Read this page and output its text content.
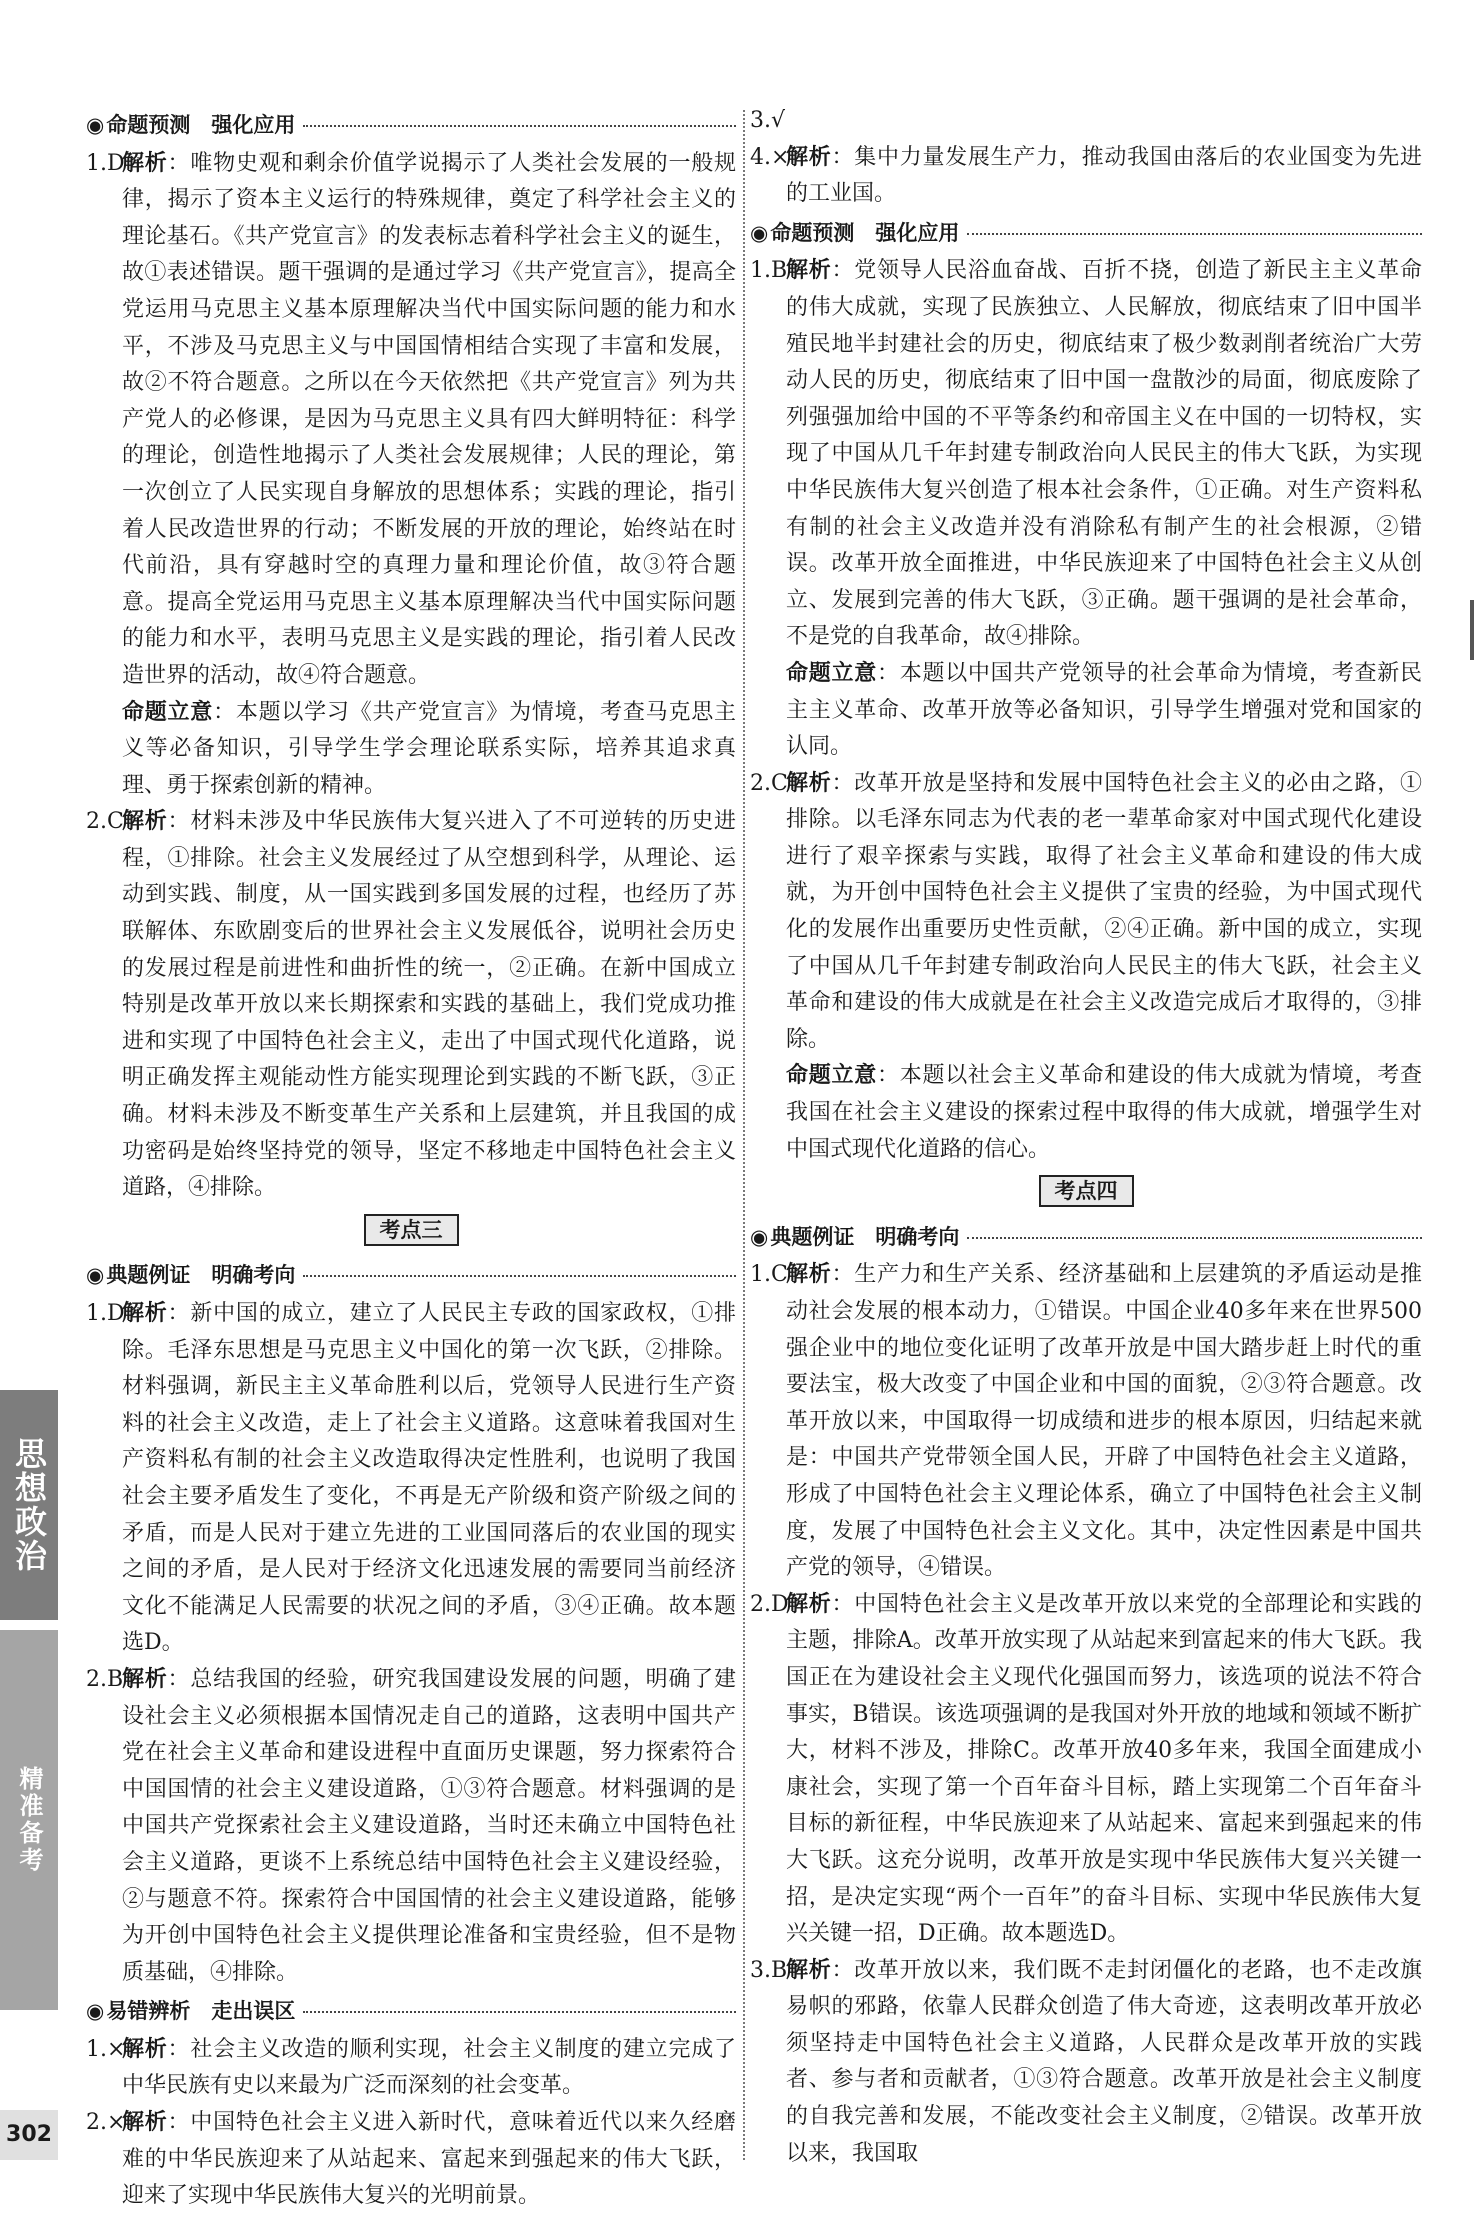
◉ 命题预测　强化应用
1.D
解析：唯物史观和剩余价值学说揭示了人类社会发展的一般规律，揭示了资本主义运行的特殊规律，奠定了科学社会主义的理论基石。《共产党宣言》的发表标志着科学社会主义的诞生，故①表述错误。题干强调的是通过学习《共产党宣言》，提高全党运用马克思主义基本原理解决当代中国实际问题的能力和水平，不涉及马克思主义与中国国情相结合实现了丰富和发展，故②不符合题意。之所以在今天依然把《共产党宣言》列为共产党人的必修课，是因为马克思主义具有四大鲜明特征：科学的理论，创造性地揭示了人类社会发展规律；人民的理论，第一次创立了人民实现自身解放的思想体系；实践的理论，指引着人民改造世界的行动；不断发展的开放的理论，始终站在时代前沿，具有穿越时空的真理力量和理论价值，故③符合题意。提高全党运用马克思主义基本原理解决当代中国实际问题的能力和水平，表明马克思主义是实践的理论，指引着人民改造世界的活动，故④符合题意。
命题立意：本题以学习《共产党宣言》为情境，考查马克思主义等必备知识，引导学生学会理论联系实际，培养其追求真理、勇于探索创新的精神。
2.C
解析：材料未涉及中华民族伟大复兴进入了不可逆转的历史进程，①排除。社会主义发展经过了从空想到科学，从理论、运动到实践、制度，从一国实践到多国发展的过程，也经历了苏联解体、东欧剧变后的世界社会主义发展低谷，说明社会历史的发展过程是前进性和曲折性的统一，②正确。在新中国成立特别是改革开放以来长期探索和实践的基础上，我们党成功推进和实现了中国特色社会主义，走出了中国式现代化道路，说明正确发挥主观能动性方能实现理论到实践的不断飞跃，③正确。材料未涉及不断变革生产关系和上层建筑，并且我国的成功密码是始终坚持党的领导，坚定不移地走中国特色社会主义道路，④排除。
考点三
◉ 典题例证　明确考向
1.D
解析：新中国的成立，建立了人民民主专政的国家政权，①排除。毛泽东思想是马克思主义中国化的第一次飞跃，②排除。材料强调，新民主主义革命胜利以后，党领导人民进行生产资料的社会主义改造，走上了社会主义道路。这意味着我国对生产资料私有制的社会主义改造取得决定性胜利，也说明了我国社会主要矛盾发生了变化，不再是无产阶级和资产阶级之间的矛盾，而是人民对于建立先进的工业国同落后的农业国的现实之间的矛盾，是人民对于经济文化迅速发展的需要同当前经济文化不能满足人民需要的状况之间的矛盾，③④正确。故本题选D。
2.B
解析：总结我国的经验，研究我国建设发展的问题，明确了建设社会主义必须根据本国情况走自己的道路，这表明中国共产党在社会主义革命和建设进程中直面历史课题，努力探索符合中国国情的社会主义建设道路，①③符合题意。材料强调的是中国共产党探索社会主义建设道路，当时还未确立中国特色社会主义道路，更谈不上系统总结中国特色社会主义建设经验，②与题意不符。探索符合中国国情的社会主义建设道路，能够为开创中国特色社会主义提供理论准备和宝贵经验，但不是物质基础，④排除。
◉ 易错辨析　走出误区
1.×
解析：社会主义改造的顺利实现，社会主义制度的建立完成了中华民族有史以来最为广泛而深刻的社会变革。
2.×
解析：中国特色社会主义进入新时代，意味着近代以来久经磨难的中华民族迎来了从站起来、富起来到强起来的伟大飞跃，迎来了实现中华民族伟大复兴的光明前景。
3.√

4.×
解析：集中力量发展生产力，推动我国由落后的农业国变为先进的工业国。
◉ 命题预测　强化应用
1.B
解析：党领导人民浴血奋战、百折不挠，创造了新民主主义革命的伟大成就，实现了民族独立、人民解放，彻底结束了旧中国半殖民地半封建社会的历史，彻底结束了极少数剥削者统治广大劳动人民的历史，彻底结束了旧中国一盘散沙的局面，彻底废除了列强强加给中国的不平等条约和帝国主义在中国的一切特权，实现了中国从几千年封建专制政治向人民民主的伟大飞跃，为实现中华民族伟大复兴创造了根本社会条件，①正确。对生产资料私有制的社会主义改造并没有消除私有制产生的社会根源，②错误。改革开放全面推进，中华民族迎来了中国特色社会主义从创立、发展到完善的伟大飞跃，③正确。题干强调的是社会革命，不是党的自我革命，故④排除。
命题立意：本题以中国共产党领导的社会革命为情境，考查新民主主义革命、改革开放等必备知识，引导学生增强对党和国家的认同。
2.C
解析：改革开放是坚持和发展中国特色社会主义的必由之路，①排除。以毛泽东同志为代表的老一辈革命家对中国式现代化建设进行了艰辛探索与实践，取得了社会主义革命和建设的伟大成就，为开创中国特色社会主义提供了宝贵的经验，为中国式现代化的发展作出重要历史性贡献，②④正确。新中国的成立，实现了中国从几千年封建专制政治向人民民主的伟大飞跃，社会主义革命和建设的伟大成就是在社会主义改造完成后才取得的，③排除。
命题立意：本题以社会主义革命和建设的伟大成就为情境，考查我国在社会主义建设的探索过程中取得的伟大成就，增强学生对中国式现代化道路的信心。
考点四
◉ 典题例证　明确考向
1.C
解析：生产力和生产关系、经济基础和上层建筑的矛盾运动是推动社会发展的根本动力，①错误。中国企业40多年来在世界500强企业中的地位变化证明了改革开放是中国大踏步赶上时代的重要法宝，极大改变了中国企业和中国的面貌，②③符合题意。改革开放以来，中国取得一切成绩和进步的根本原因，归结起来就是：中国共产党带领全国人民，开辟了中国特色社会主义道路，形成了中国特色社会主义理论体系，确立了中国特色社会主义制度，发展了中国特色社会主义文化。其中，决定性因素是中国共产党的领导，④错误。
2.D
解析：中国特色社会主义是改革开放以来党的全部理论和实践的主题，排除A。改革开放实现了从站起来到富起来的伟大飞跃。我国正在为建设社会主义现代化强国而努力，该选项的说法不符合事实，B错误。该选项强调的是我国对外开放的地域和领域不断扩大，材料不涉及，排除C。改革开放40多年来，我国全面建成小康社会，实现了第一个百年奋斗目标，踏上实现第二个百年奋斗目标的新征程，中华民族迎来了从站起来、富起来到强起来的伟大飞跃。这充分说明，改革开放是实现中华民族伟大复兴关键一招，是决定实现“两个一百年”的奋斗目标、实现中华民族伟大复兴关键一招，D正确。故本题选D。
3.B
解析：改革开放以来，我们既不走封闭僵化的老路，也不走改旗易帜的邪路，依靠人民群众创造了伟大奇迹，这表明改革开放必须坚持走中国特色社会主义道路，人民群众是改革开放的实践者、参与者和贡献者，①③符合题意。改革开放是社会主义制度的自我完善和发展，不能改变社会主义制度，②错误。改革开放以来，我国取
思想政治
精准备考
302
